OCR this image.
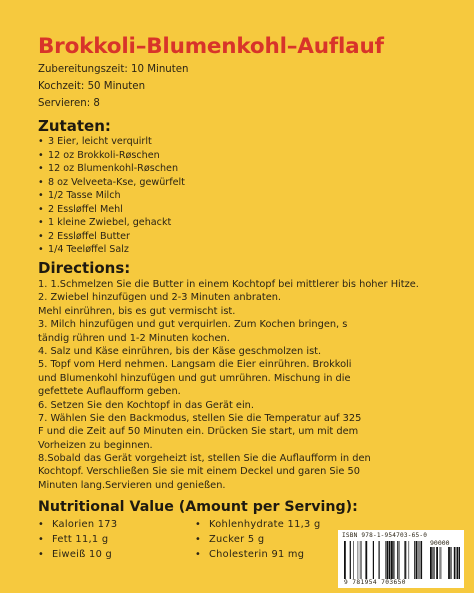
Brokkoli–Blumenkohl–Auflauf
Zubereitungszeit: 10 Minuten
Kochzeit: 50 Minuten
Servieren: 8
Zutaten:
• 3 Eier, leicht verquirlt
• 12 oz Brokkoli-Røschen
• 12 oz Blumenkohl-Røschen
• 8 oz Velveeta-Kse, gewürfelt
• 1/2 Tasse Milch
• 2 Essløffel Mehl
• 1 kleine Zwiebel, gehackt
• 2 Essløffel Butter
• 1/4 Teeløffel Salz
Directions:
1. 1.Schmelzen Sie die Butter in einem Kochtopf bei mittlerer bis hoher Hitze.
2. Zwiebel hinzufügen und 2-3 Minuten anbraten.
Mehl einrühren, bis es gut vermischt ist.
3. Milch hinzufügen und gut verquirlen. Zum Kochen bringen, s
tändig rühren und 1-2 Minuten kochen.
4. Salz und Käse einrühren, bis der Käse geschmolzen ist.
5. Topf vom Herd nehmen. Langsam die Eier einrühren. Brokkoli
und Blumenkohl hinzufügen und gut umrühren. Mischung in die
gefettete Auflaufform geben.
6. Setzen Sie den Kochtopf in das Gerät ein.
7. Wählen Sie den Backmodus, stellen Sie die Temperatur auf 325
F und die Zeit auf 50 Minuten ein. Drücken Sie start, um mit dem
Vorheizen zu beginnen.
8.Sobald das Gerät vorgeheizt ist, stellen Sie die Auflaufform in den
Kochtopf. Verschließen Sie sie mit einem Deckel und garen Sie 50
Minuten lang.Servieren und genießen.
Nutritional Value (Amount per Serving):
• Kalorien 173
• Fett 11,1 g
• Eiweiß 10 g
• Kohlenhydrate 11,3 g
• Zucker 5 g
• Cholesterin 91 mg
ISBN 978-1-954703-65-0
90000
9 781954 703650
